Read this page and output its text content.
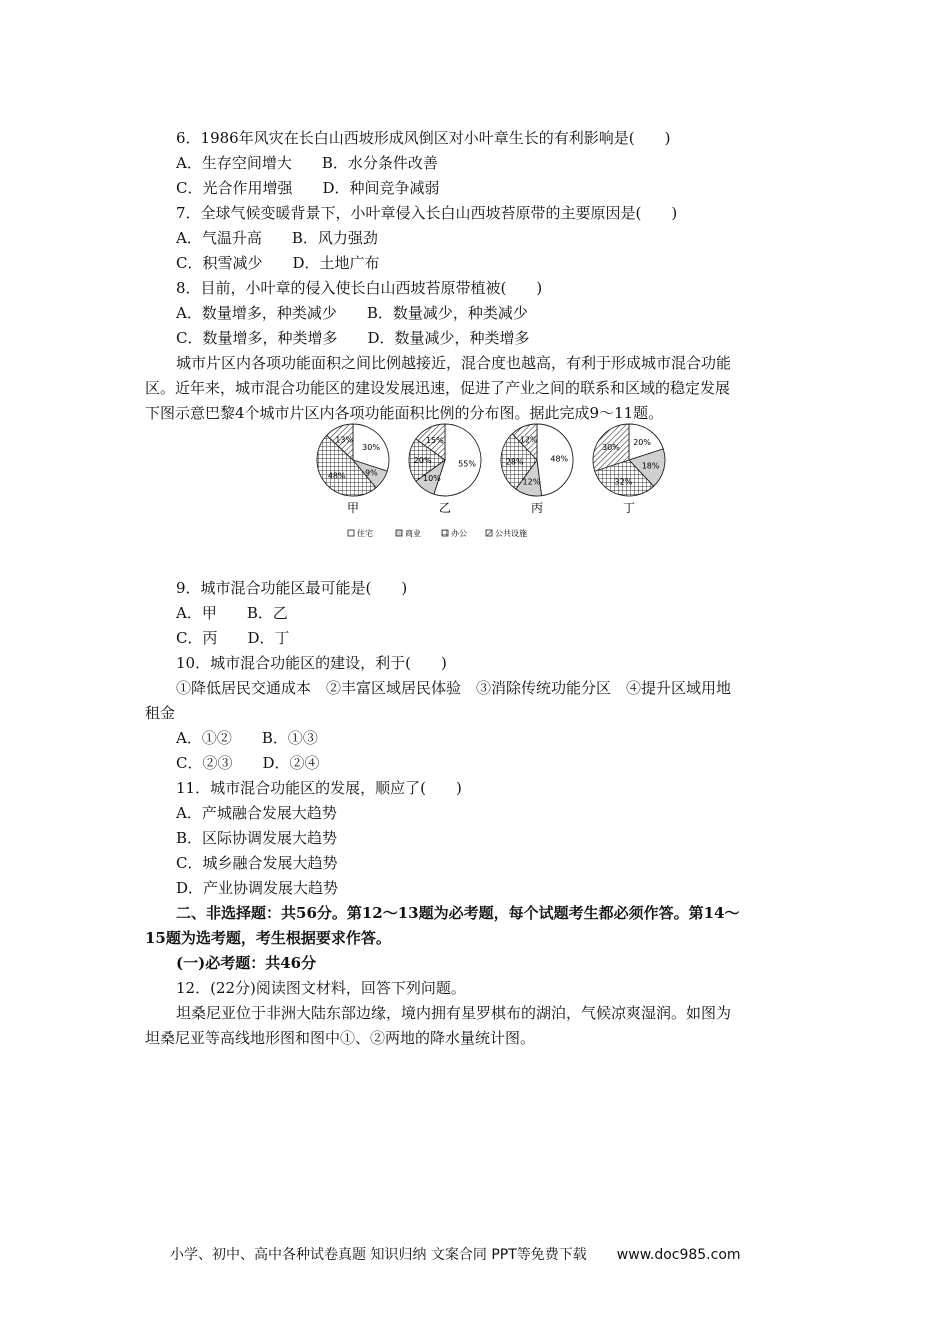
6．1986年风灾在长白山西坡形成风倒区对小叶章生长的有利影响是(　　)
A．生存空间增大　　B．水分条件改善
C．光合作用增强　　D．种间竞争减弱
7．全球气候变暖背景下，小叶章侵入长白山西坡苔原带的主要原因是(　　)
A．气温升高　　B．风力强劲
C．积雪减少　　D．土地广布
8．目前，小叶章的侵入使长白山西坡苔原带植被(　　)
A．数量增多，种类减少　　B．数量减少，种类减少
C．数量增多，种类增多　　D．数量减少，种类增多
城市片区内各项功能面积之间比例越接近，混合度也越高，有利于形成城市混合功能
区。近年来，城市混合功能区的建设发展迅速，促进了产业之间的联系和区域的稳定发展
下图示意巴黎4个城市片区内各项功能面积比例的分布图。据此完成9～11题。
30%
9%
48%
13%
甲
55%
10%
20%
15%
乙
48%
12%
28%
12%
丙
20%
18%
32%
30%
丁
住宅	商业	办公	公共设施
9．城市混合功能区最可能是(　　)
A．甲　　B．乙
C．丙　　D．丁
10．城市混合功能区的建设，利于(　　)
①降低居民交通成本　②丰富区域居民体验　③消除传统功能分区　④提升区域用地
租金
A．①②　　B．①③
C．②③　　D．②④
11．城市混合功能区的发展，顺应了(　　)
A．产城融合发展大趋势
B．区际协调发展大趋势
C．城乡融合发展大趋势
D．产业协调发展大趋势
二、非选择题：共56分。第12～13题为必考题，每个试题考生都必须作答。第14～
15题为选考题，考生根据要求作答。
(一)必考题：共46分
12．(22分)阅读图文材料，回答下列问题。
坦桑尼亚位于非洲大陆东部边缘，境内拥有星罗棋布的湖泊，气候凉爽湿润。如图为
坦桑尼亚等高线地形图和图中①、②两地的降水量统计图。
小学、初中、高中各种试卷真题 知识归纳 文案合同 PPT等免费下载 www.doc985.com
